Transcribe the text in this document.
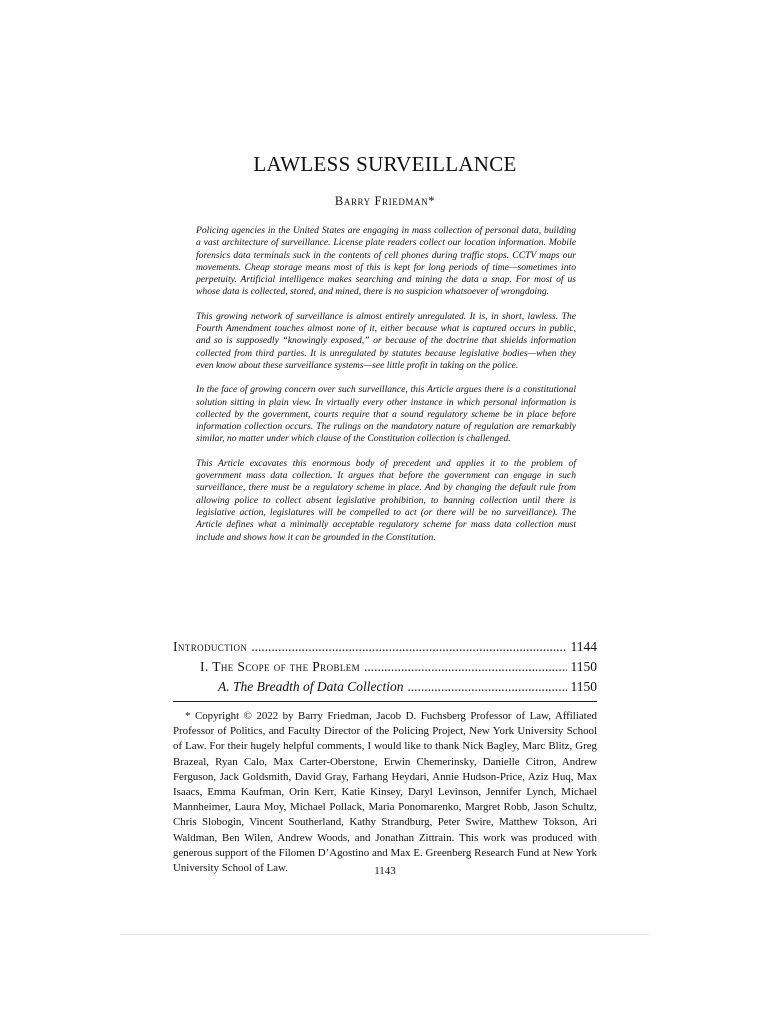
LAWLESS SURVEILLANCE
Barry Friedman*

Policing agencies in the United States are engaging in mass collection of personal data, building a vast architecture of surveillance. License plate readers collect our location information. Mobile forensics data terminals suck in the contents of cell phones during traffic stops. CCTV maps our movements. Cheap storage means most of this is kept for long periods of time—sometimes into perpetuity. Artificial intelligence makes searching and mining the data a snap. For most of us whose data is collected, stored, and mined, there is no suspicion whatsoever of wrongdoing.

This growing network of surveillance is almost entirely unregulated. It is, in short, lawless. The Fourth Amendment touches almost none of it, either because what is captured occurs in public, and so is supposedly “knowingly exposed,” or because of the doctrine that shields information collected from third parties. It is unregulated by statutes because legislative bodies—when they even know about these surveillance systems—see little profit in taking on the police.

In the face of growing concern over such surveillance, this Article argues there is a constitutional solution sitting in plain view. In virtually every other instance in which personal information is collected by the government, courts require that a sound regulatory scheme be in place before information collection occurs. The rulings on the mandatory nature of regulation are remarkably similar, no matter under which clause of the Constitution collection is challenged.

This Article excavates this enormous body of precedent and applies it to the problem of government mass data collection. It argues that before the government can engage in such surveillance, there must be a regulatory scheme in place. And by changing the default rule from allowing police to collect absent legislative prohibition, to banning collection until there is legislative action, legislatures will be compelled to act (or there will be no surveillance). The Article defines what a minimally acceptable regulatory scheme for mass data collection must include and shows how it can be grounded in the Constitution.

Introduction . . .	1144
I. The Scope of the Problem . . .	1150
A. The Breadth of Data Collection . . .	1150
* Copyright © 2022 by Barry Friedman, Jacob D. Fuchsberg Professor of Law, Affiliated Professor of Politics, and Faculty Director of the Policing Project, New York University School of Law. For their hugely helpful comments, I would like to thank Nick Bagley, Marc Blitz, Greg Brazeal, Ryan Calo, Max Carter-Oberstone, Erwin Chemerinsky, Danielle Citron, Andrew Ferguson, Jack Goldsmith, David Gray, Farhang Heydari, Annie Hudson-Price, Aziz Huq, Max Isaacs, Emma Kaufman, Orin Kerr, Katie Kinsey, Daryl Levinson, Jennifer Lynch, Michael Mannheimer, Laura Moy, Michael Pollack, Maria Ponomarenko, Margret Robb, Jason Schultz, Chris Slobogin, Vincent Southerland, Kathy Strandburg, Peter Swire, Matthew Tokson, Ari Waldman, Ben Wilen, Andrew Woods, and Jonathan Zittrain. This work was produced with generous support of the Filomen D’Agostino and Max E. Greenberg Research Fund at New York University School of Law.	1143
